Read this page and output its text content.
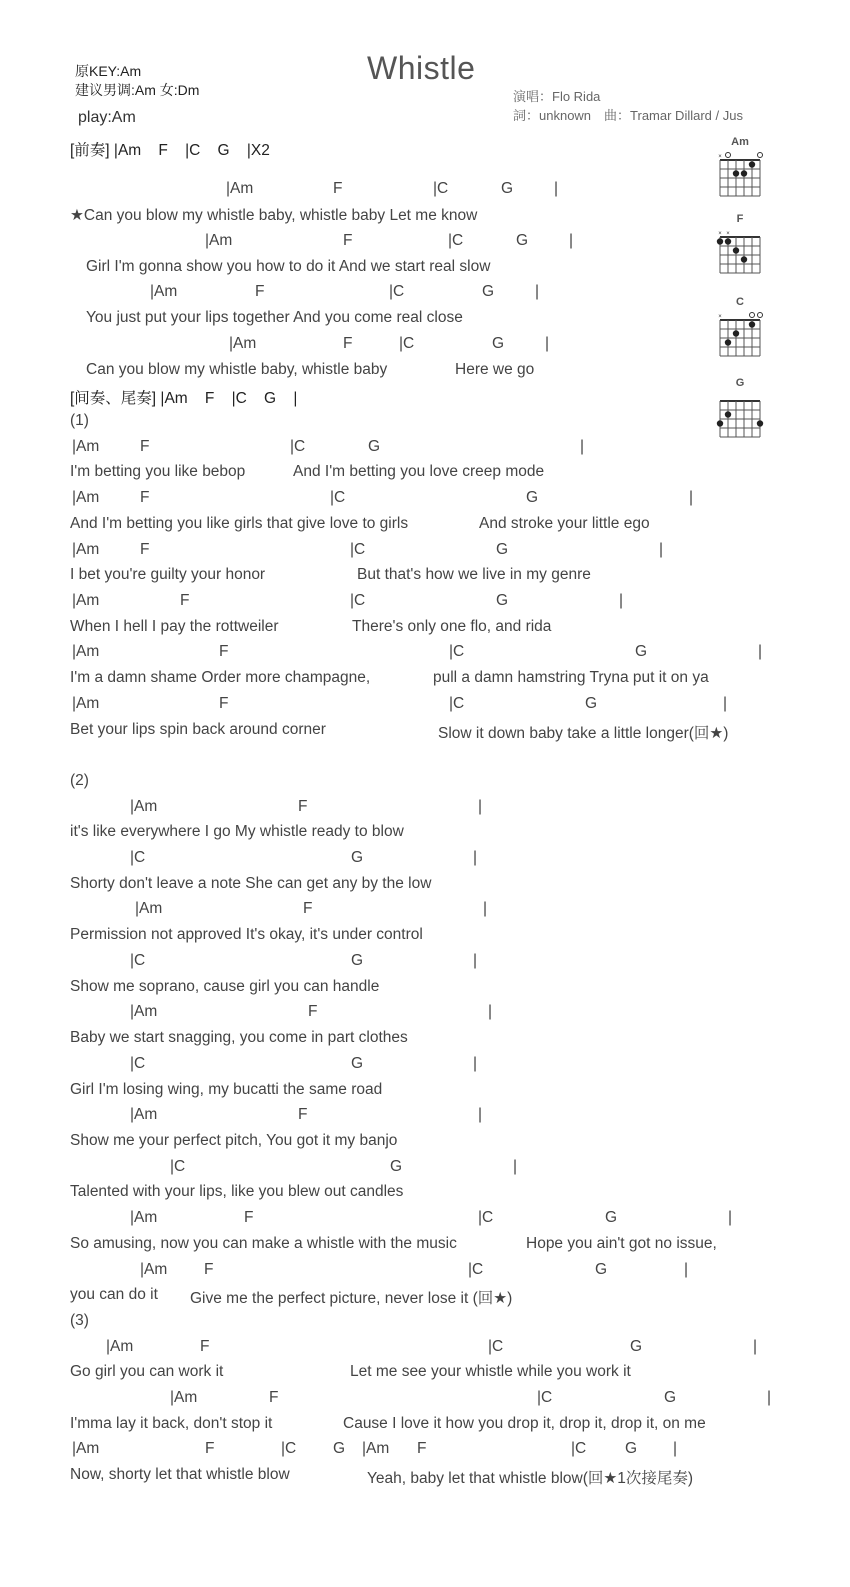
原KEY:Am
建议男调:Am 女:Dm
Whistle
演唱：Flo Rida
詞：unknown　曲：Tramar Dillard / Jus
play:Am
Am
×
F
× ×
C
×
G
[前奏] |Am    F    |C    G    |X2
|Am	F	|C	G	|
★Can you blow my whistle baby, whistle baby Let me know
|Am	F	|C	G	|
Girl I'm gonna show you how to do it And we start real slow
|Am	F	|C	G	|
You just put your lips together And you come real close
|Am	F	|C	G	|
Can you blow my whistle baby, whistle baby	Here we go
[间奏、尾奏] |Am    F    |C    G    |
(1)
|Am	F	|C	G	|
I'm betting you like bebop	And I'm betting you love creep mode
|Am	F	|C	G	|
And I'm betting you like girls that give love to girls	And stroke your little ego
|Am	F	|C	G	|
I bet you're guilty your honor	But that's how we live in my genre
|Am	F	|C	G	|
When I hell I pay the rottweiler	There's only one flo, and rida
|Am	F	|C	G	|
I'm a damn shame Order more champagne,	pull a damn hamstring Tryna put it on ya
|Am	F	|C	G	|
Bet your lips spin back around corner	Slow it down baby take a little longer(回★)
(2)
|Am	F	|
it's like everywhere I go My whistle ready to blow
|C	G	|
Shorty don't leave a note She can get any by the low
|Am	F	|
Permission not approved It's okay, it's under control
|C	G	|
Show me soprano, cause girl you can handle
|Am	F	|
Baby we start snagging, you come in part clothes
|C	G	|
Girl I'm losing wing, my bucatti the same road
|Am	F	|
Show me your perfect pitch, You got it my banjo
|C	G	|
Talented with your lips, like you blew out candles
|Am	F	|C	G	|
So amusing, now you can make a whistle with the music	Hope you ain't got no issue,
|Am F	|C	G	|
you can do it Give me the perfect picture, never lose it (回★)
(3)
|Am	F	|C	G	|
Go girl you can work it	Let me see your whistle while you work it
|Am	F	|C	G	|
I'mma lay it back, don't stop it	Cause I love it how you drop it, drop it, drop it, on me
|Am	F	|C G |Am F	|C	G |
Now, shorty let that whistle blow	Yeah, baby let that whistle blow(回★1次接尾奏)
